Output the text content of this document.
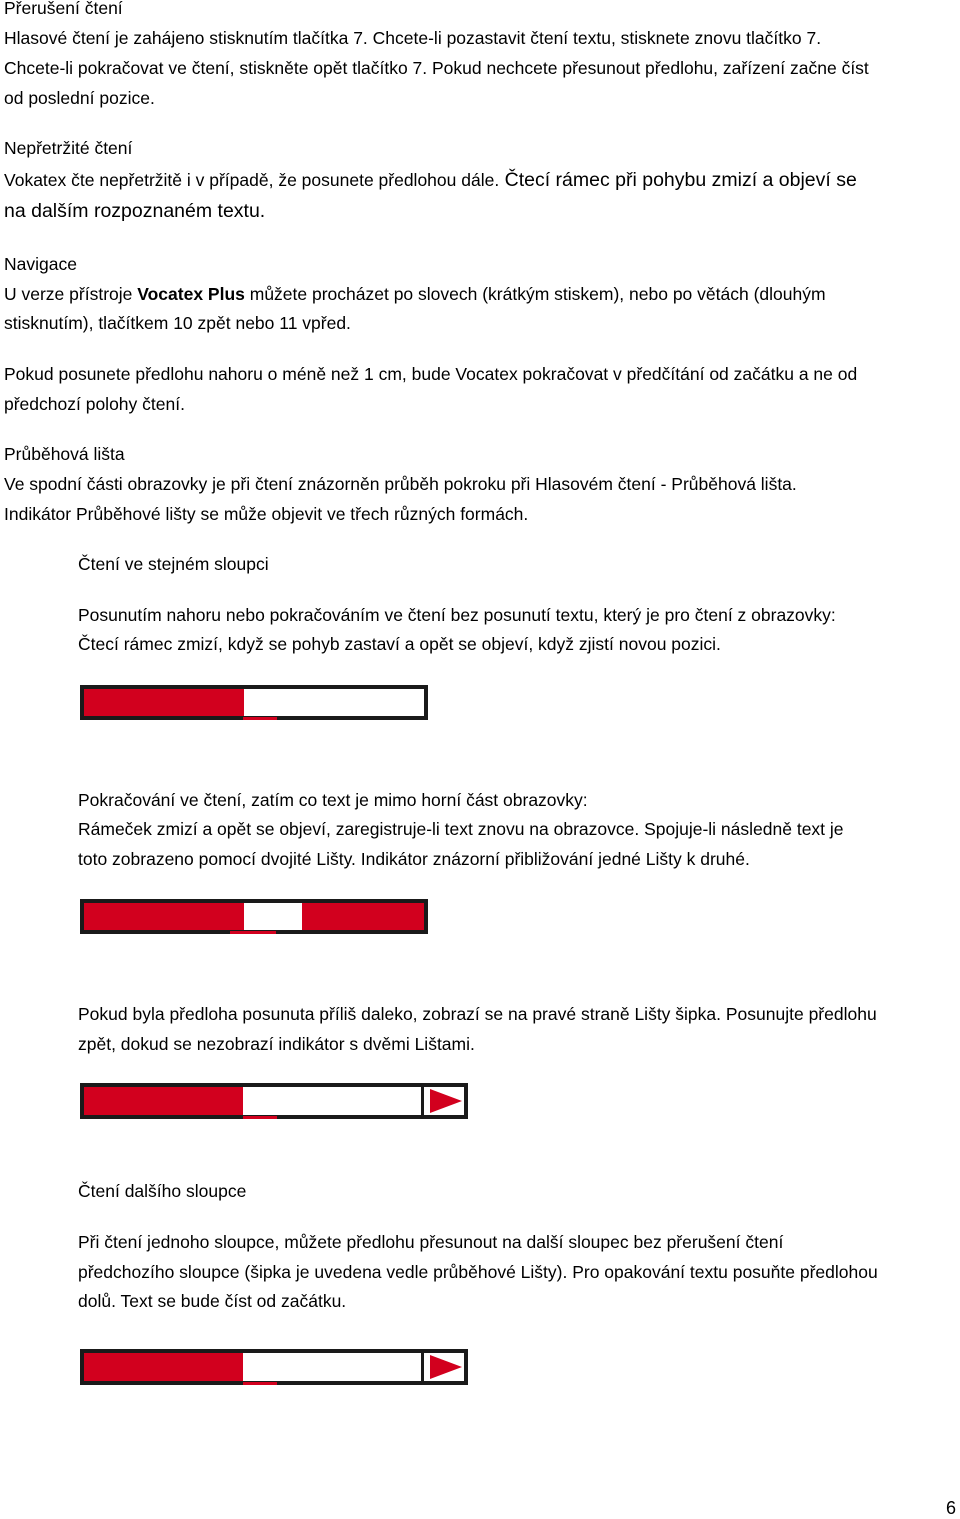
Přerušení čtení
Hlasové čtení je zahájeno stisknutím tlačítka 7. Chcete-li pozastavit čtení textu, stisknete znovu tlačítko 7.
Chcete-li pokračovat ve čtení, stiskněte opět tlačítko 7. Pokud nechcete přesunout předlohu, zařízení začne číst
od poslední pozice.
Nepřetržité čtení
Vokatex čte nepřetržitě i v případě, že posunete předlohou dále. Čtecí rámec při pohybu zmizí a objeví se
na dalším rozpoznaném textu.
Navigace
U verze přístroje Vocatex Plus můžete procházet po slovech (krátkým stiskem), nebo po větách (dlouhým
stisknutím), tlačítkem 10 zpět nebo 11 vpřed.
Pokud posunete předlohu nahoru o méně než 1 cm, bude Vocatex pokračovat v předčítání od začátku a ne od
předchozí polohy čtení.
Průběhová lišta
Ve spodní části obrazovky je při čtení znázorněn průběh pokroku při Hlasovém čtení - Průběhová lišta.
Indikátor Průběhové lišty se může objevit ve třech různých formách.
Čtení ve stejném sloupci
Posunutím nahoru nebo pokračováním ve čtení bez posunutí textu, který je pro čtení z obrazovky:
Čtecí rámec zmizí, když se pohyb zastaví a opět se objeví, když zjistí novou pozici.
Pokračování ve čtení, zatím co text je mimo horní část obrazovky:
Rámeček zmizí a opět se objeví, zaregistruje-li text znovu na obrazovce. Spojuje-li následně text je
toto zobrazeno pomocí dvojité Lišty. Indikátor znázorní přibližování jedné Lišty k druhé.
Pokud byla předloha posunuta příliš daleko, zobrazí se na pravé straně Lišty šipka. Posunujte předlohu
zpět, dokud se nezobrazí indikátor s dvěmi Lištami.
Čtení dalšího sloupce
Při čtení jednoho sloupce, můžete předlohu přesunout na další sloupec bez přerušení čtení
předchozího sloupce (šipka je uvedena vedle průběhové Lišty). Pro opakování textu posuňte předlohou
dolů. Text se bude číst od začátku.
6
